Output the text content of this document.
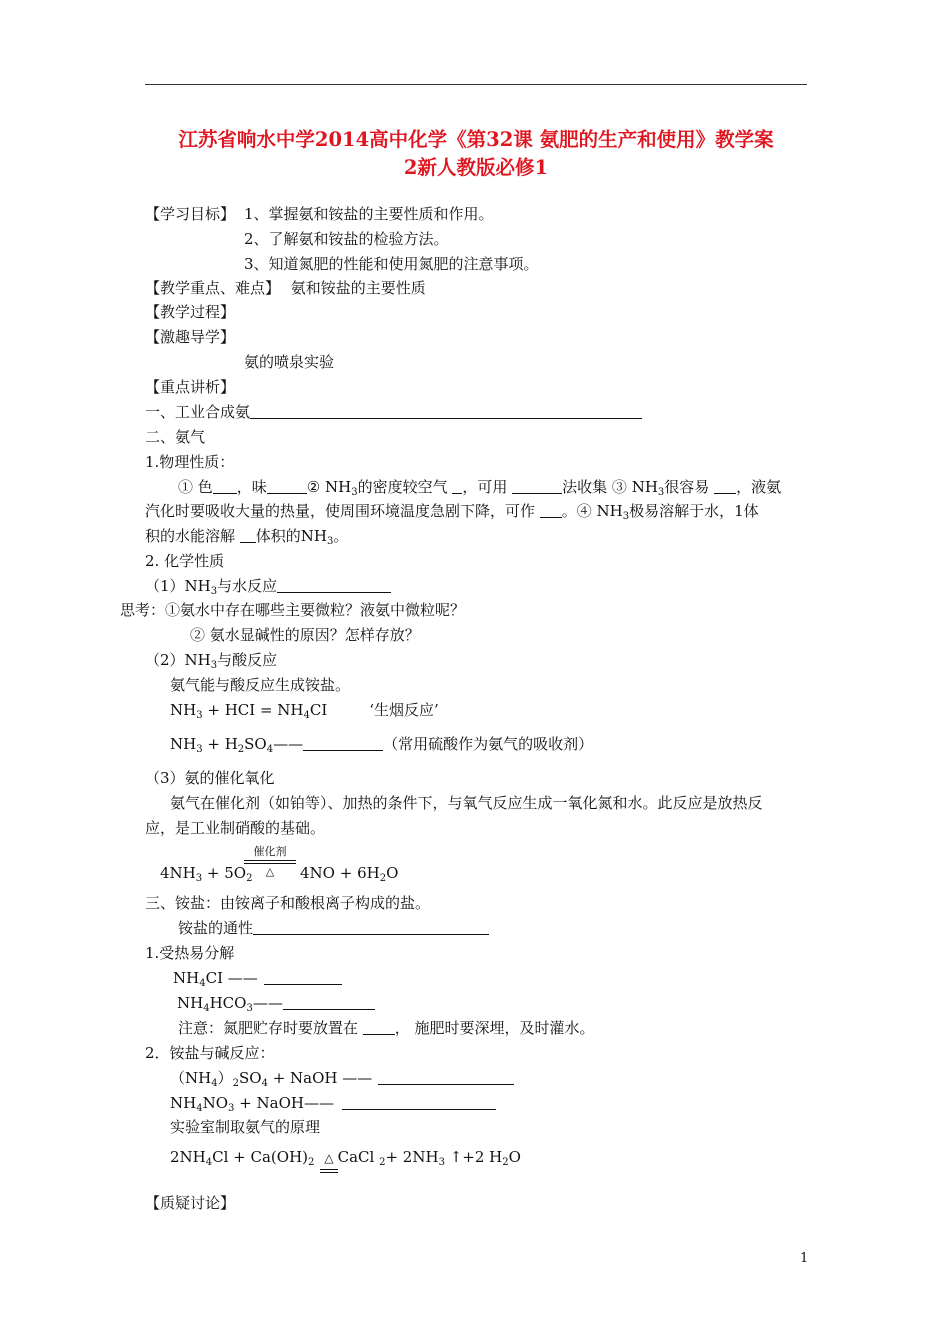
江苏省响水中学2014高中化学《第32课 氨肥的生产和使用》教学案
2新人教版必修1
【学习目标】 1、掌握氨和铵盐的主要性质和作用。
2、了解氨和铵盐的检验方法。
3、知道氮肥的性能和使用氮肥的注意事项。
【教学重点、难点】 氨和铵盐的主要性质
【教学过程】
【激趣导学】
氨的喷泉实验
【重点讲析】
一、工业合成氨
二、氨气
1.物理性质：
① 色 ，味	② $NH_3$的密度较空气 ，可用	法收集 ③ $NH_3$很容易 ，液氨
汽化时要吸收大量的热量，使周围环境温度急剧下降，可作 。④ $NH_3$极易溶解于水，1体
积的水能溶解 体积的$NH_3$。
2. 化学性质
$(1)NH_3$与水反应
思考：①氨水中存在哪些主要微粒？液氨中微粒呢？
② 氨水显碱性的原因？怎样存放？
$(2)NH_3$与酸反应
氨气能与酸反应生成铵盐。
$NH_3$ + HCI = $NH_4CI$	‘生烟反应’
$NH_3$ + $H_2SO_4——$	（常用硫酸作为氨气的吸收剂）
（3）氨的催化氧化
氨气在催化剂（如铂等）、加热的条件下，与氧气反应生成一氧化氮和水。此反应是放热反
应，是工业制硝酸的基础。
$4NH_3 + 5O_2$
催化剂
△	$4NO + 6H_2O$
三、铵盐：由铵离子和酸根离子构成的盐。
铵盐的通性
1.受热易分解
$NH_4CI$ ——
$NH_4HCO_3——$
注意：氮肥贮存时要放置在 ， 施肥时要深埋，及时灌水。
2．铵盐与碱反应：
$(NH_4)_2SO_4$ + NaOH ——
$NH_4NO_3$ + NaOH——
实验室制取氨气的原理
$2NH_4Cl + Ca(OH)_2$ △ CaCl $_2+ 2NH_3$ ↑+2 $H_2O$
【质疑讨论】
1
